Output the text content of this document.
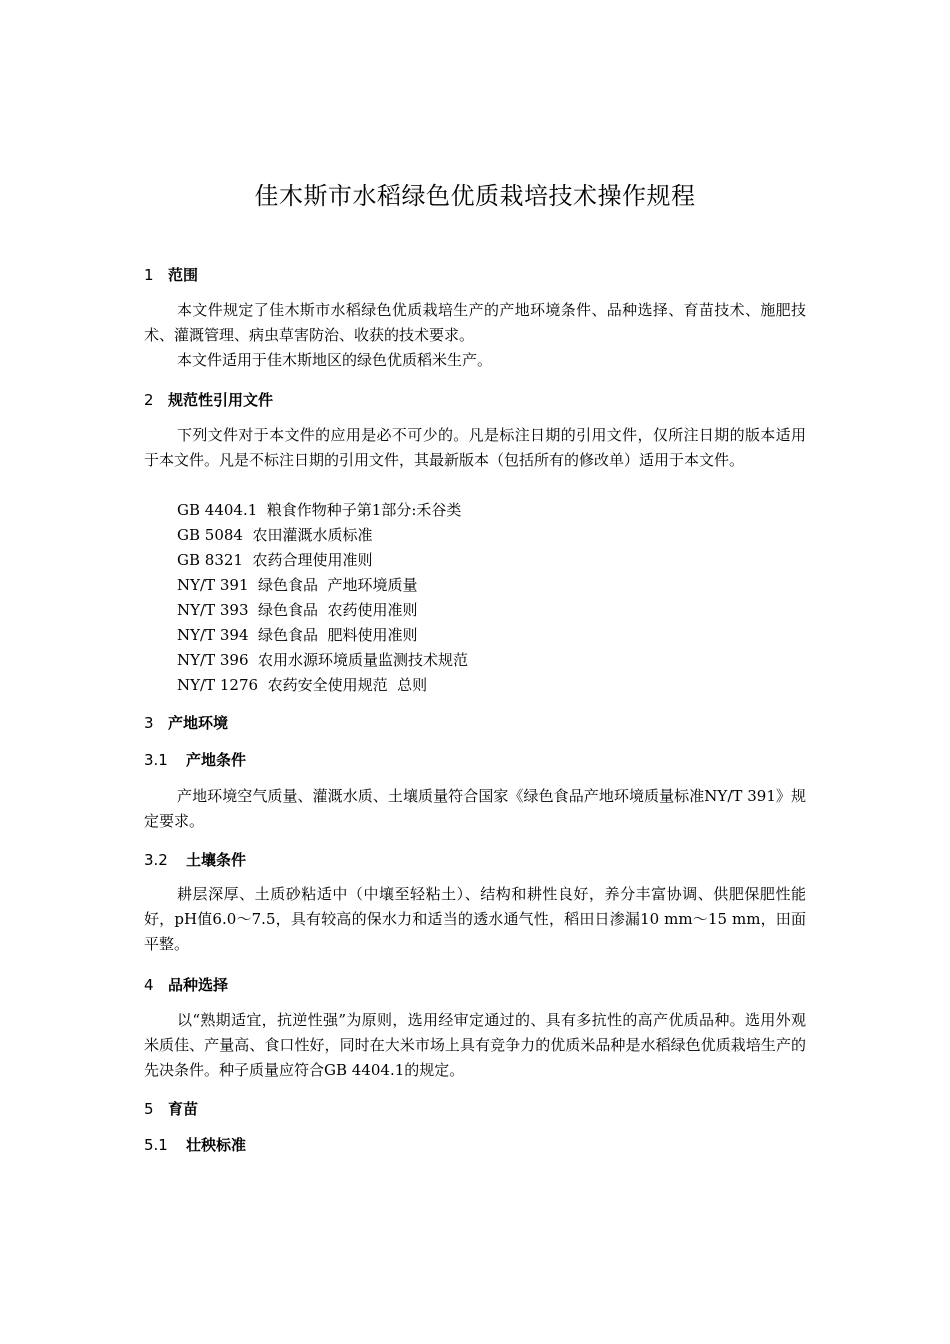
佳木斯市水稻绿色优质栽培技术操作规程
1 范围
本文件规定了佳木斯市水稻绿色优质栽培生产的产地环境条件、品种选择、育苗技术、施肥技术、灌溉管理、病虫草害防治、收获的技术要求。
本文件适用于佳木斯地区的绿色优质稻米生产。
2 规范性引用文件
下列文件对于本文件的应用是必不可少的。凡是标注日期的引用文件，仅所注日期的版本适用于本文件。凡是不标注日期的引用文件，其最新版本（包括所有的修改单）适用于本文件。
GB 4404.1  粮食作物种子第1部分:禾谷类
GB 5084  农田灌溉水质标准
GB 8321  农药合理使用准则
NY/T 391  绿色食品  产地环境质量
NY/T 393  绿色食品  农药使用准则
NY/T 394  绿色食品  肥料使用准则
NY/T 396  农用水源环境质量监测技术规范
NY/T 1276  农药安全使用规范  总则
3 产地环境
3.1 产地条件
产地环境空气质量、灌溉水质、土壤质量符合国家《绿色食品产地环境质量标准NY/T 391》规定要求。
3.2 土壤条件
耕层深厚、土质砂粘适中（中壤至轻粘土）、结构和耕性良好，养分丰富协调、供肥保肥性能好，pH值6.0～7.5，具有较高的保水力和适当的透水通气性，稻田日渗漏10 mm～15 mm，田面平整。
4 品种选择
以“熟期适宜，抗逆性强”为原则，选用经审定通过的、具有多抗性的高产优质品种。选用外观米质佳、产量高、食口性好，同时在大米市场上具有竞争力的优质米品种是水稻绿色优质栽培生产的先决条件。种子质量应符合GB 4404.1的规定。
5 育苗
5.1 壮秧标准
